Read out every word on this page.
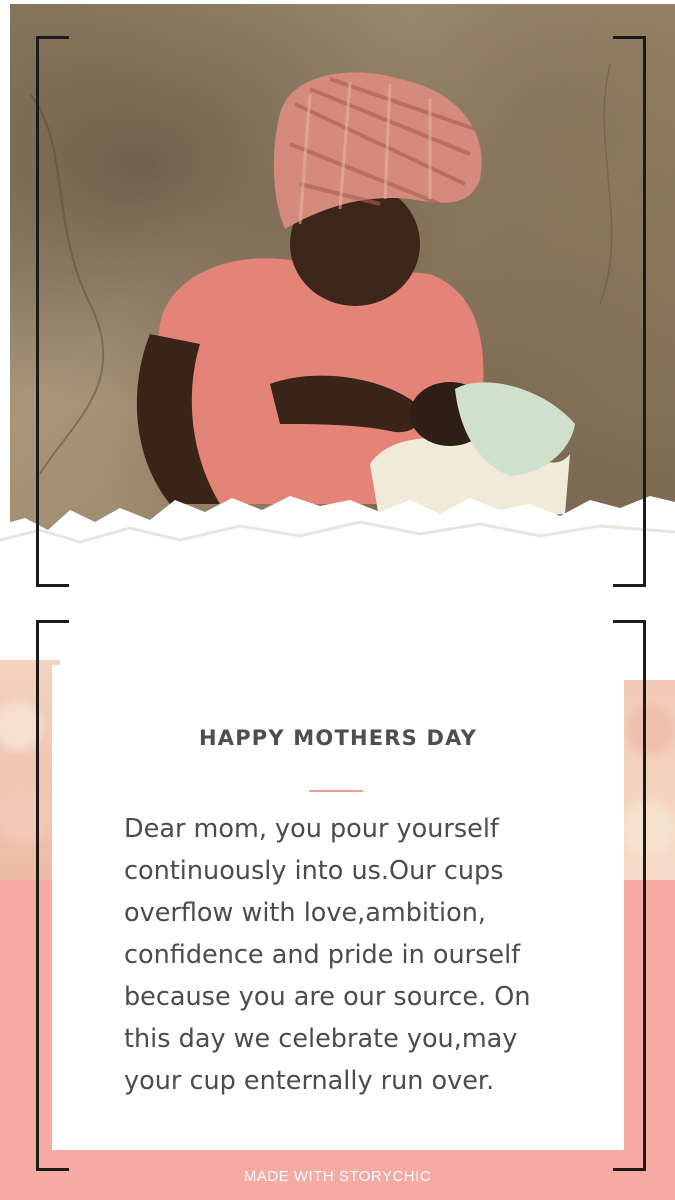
HAPPY MOTHERS DAY
Dear mom, you pour yourself
continuously into us.Our cups
overflow with love,ambition,
confidence and pride in ourself
because you are our source. On
this day we celebrate you,may
your cup enternally run over.
MADE WITH STORYCHIC
